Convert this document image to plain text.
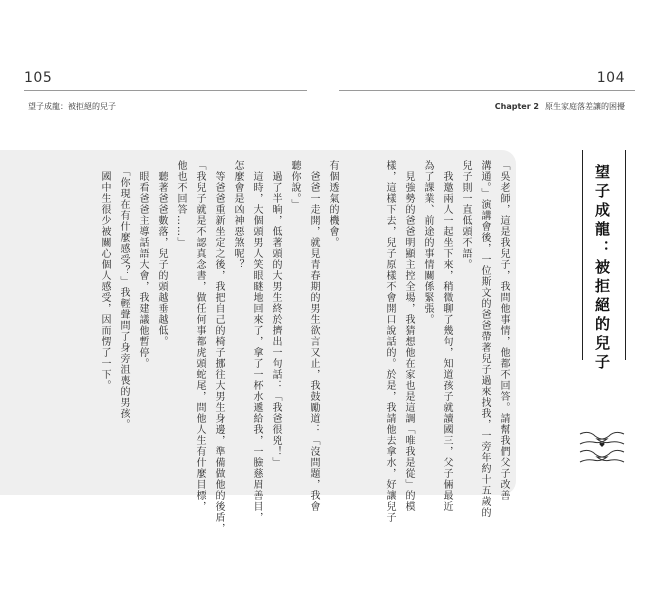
105	104
望子成龍：被拒絕的兒子	Chapter 2 原生家庭落差讓的困擾
「吳老師，這是我兒子，我問他事情，他都不回答。請幫我們父子改善
溝通。」演講會後，一位斯文的爸爸帶著兒子過來找我，一旁年約十五歲的
兒子則一直低頭不語。
　我邀兩人一起坐下來，稍微聊了幾句，知道孩子就讀國三，父子倆最近
為了課業、前途的事情關係緊張。
　見強勢的爸爸明顯主控全場，我猜想他在家也是這調「唯我是從」的模
樣，這樣下去，兒子原樣不會開口說話的。於是，我請他去拿水，好讓兒子
有個透氣的機會。
　爸爸一走開，就見青春期的男生欲言又止，我鼓勵道：「沒問題，我會
聽你說。」
　過了半晌，低著頭的大男生終於擠出一句話：「我爸很兇！」
　這時，大個頭男人笑眼瞇地回來了，拿了一杯水遞給我，一臉慈眉善目，
怎麼會是凶神惡煞呢？
　等爸爸重新坐定之後，我把自己的椅子挪往大男生身邊，準備做他的後盾，
「我兒子就是不認真念書，做任何事都虎頭蛇尾，問他人生有什麼目標，
他也不回答……」
　聽著爸爸數落，兒子的頭越垂越低。
　眼看爸爸主導話語大會，我建議他暫停。
　「你現在有什麼感受？」我輕聲問了身旁沮喪的男孩。
　國中生很少被關心個人感受，因而愣了一下。	望子成龍：被拒絕的兒子
